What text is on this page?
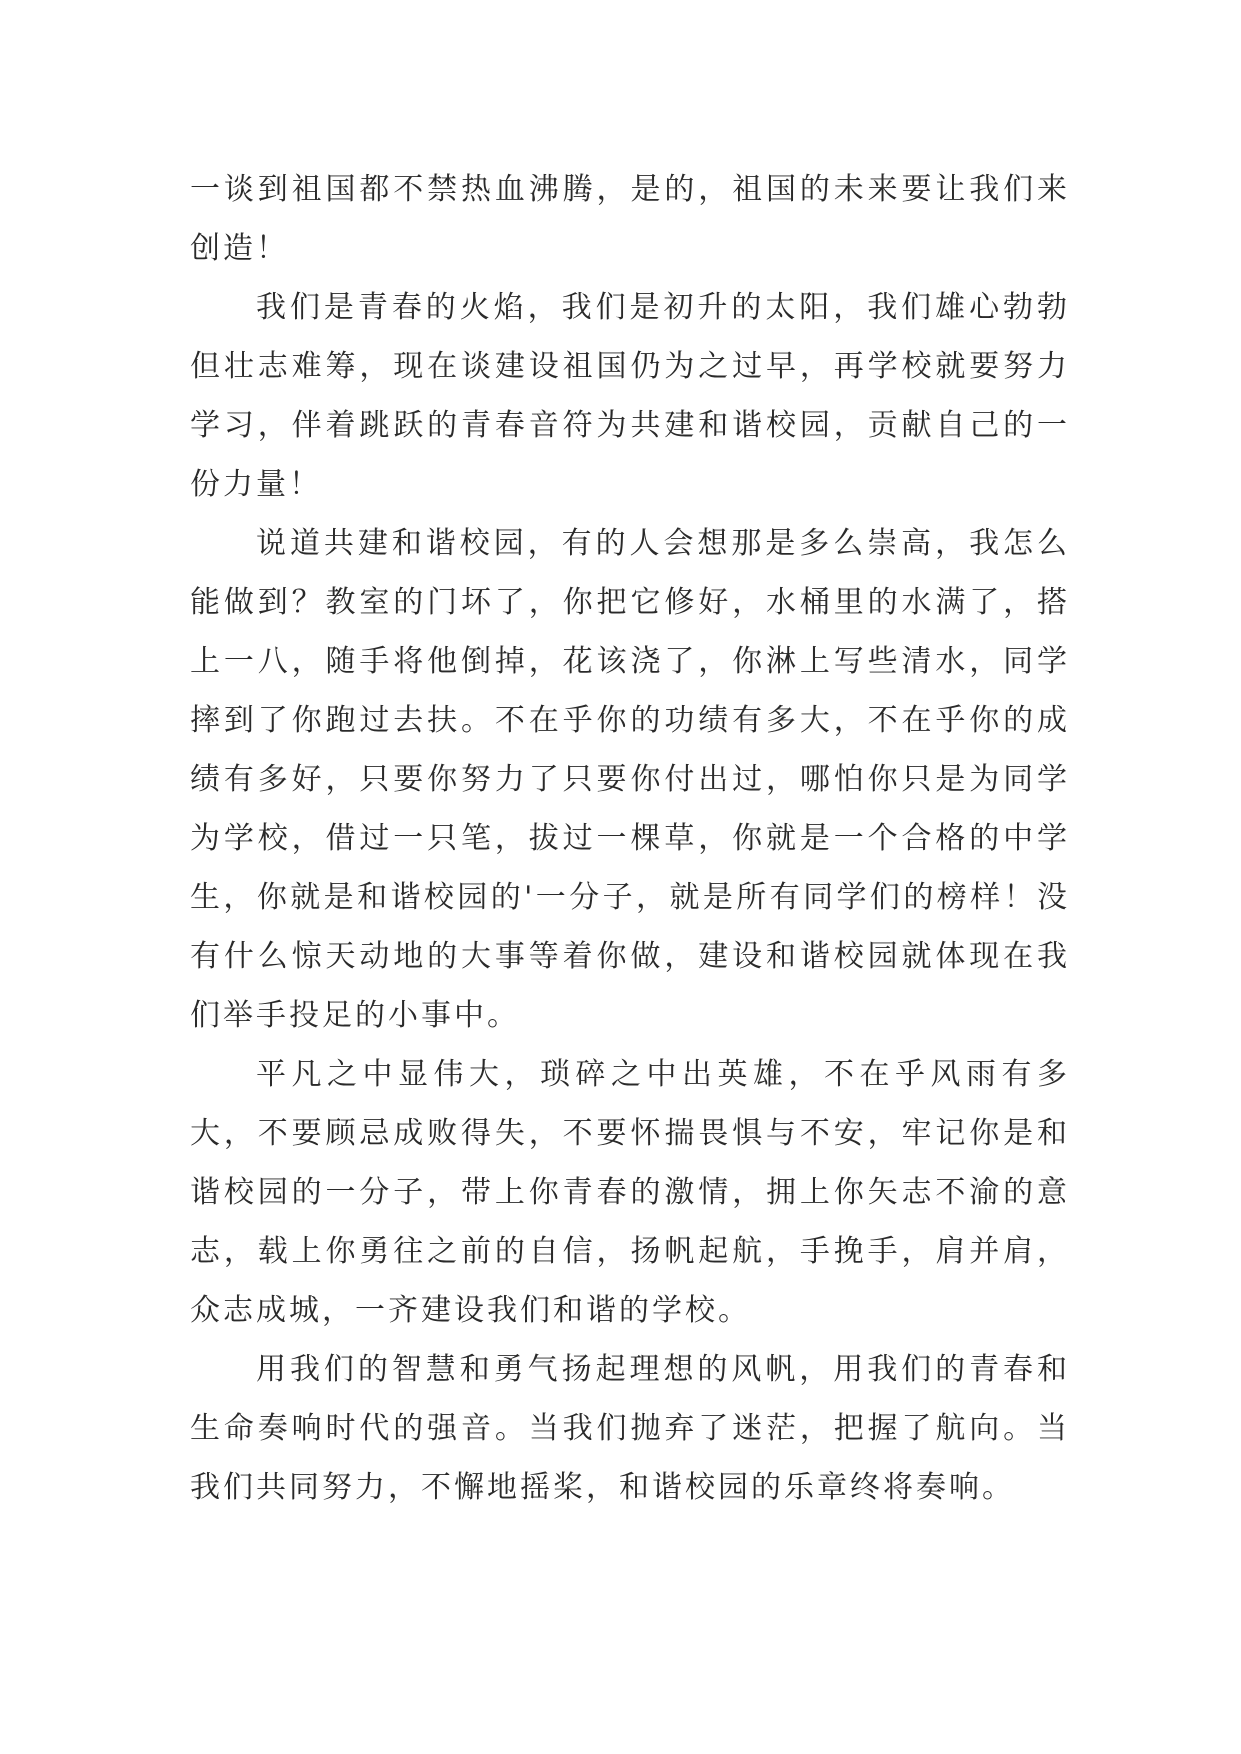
一谈到祖国都不禁热血沸腾，是的，祖国的未来要让我们来创造！

我们是青春的火焰，我们是初升的太阳，我们雄心勃勃但壮志难筹，现在谈建设祖国仍为之过早，再学校就要努力学习，伴着跳跃的青春音符为共建和谐校园，贡献自己的一份力量！

说道共建和谐校园，有的人会想那是多么崇高，我怎么能做到？教室的门坏了，你把它修好，水桶里的水满了，搭上一八，随手将他倒掉，花该浇了，你淋上写些清水，同学摔到了你跑过去扶。不在乎你的功绩有多大，不在乎你的成绩有多好，只要你努力了只要你付出过，哪怕你只是为同学为学校，借过一只笔，拔过一棵草，你就是一个合格的中学生，你就是和谐校园的'一分子，就是所有同学们的榜样！没有什么惊天动地的大事等着你做，建设和谐校园就体现在我们举手投足的小事中。

平凡之中显伟大，琐碎之中出英雄，不在乎风雨有多大，不要顾忌成败得失，不要怀揣畏惧与不安，牢记你是和谐校园的一分子，带上你青春的激情，拥上你矢志不渝的意志，载上你勇往之前的自信，扬帆起航，手挽手，肩并肩，众志成城，一齐建设我们和谐的学校。

用我们的智慧和勇气扬起理想的风帆，用我们的青春和生命奏响时代的强音。当我们抛弃了迷茫，把握了航向。当我们共同努力，不懈地摇桨，和谐校园的乐章终将奏响。
